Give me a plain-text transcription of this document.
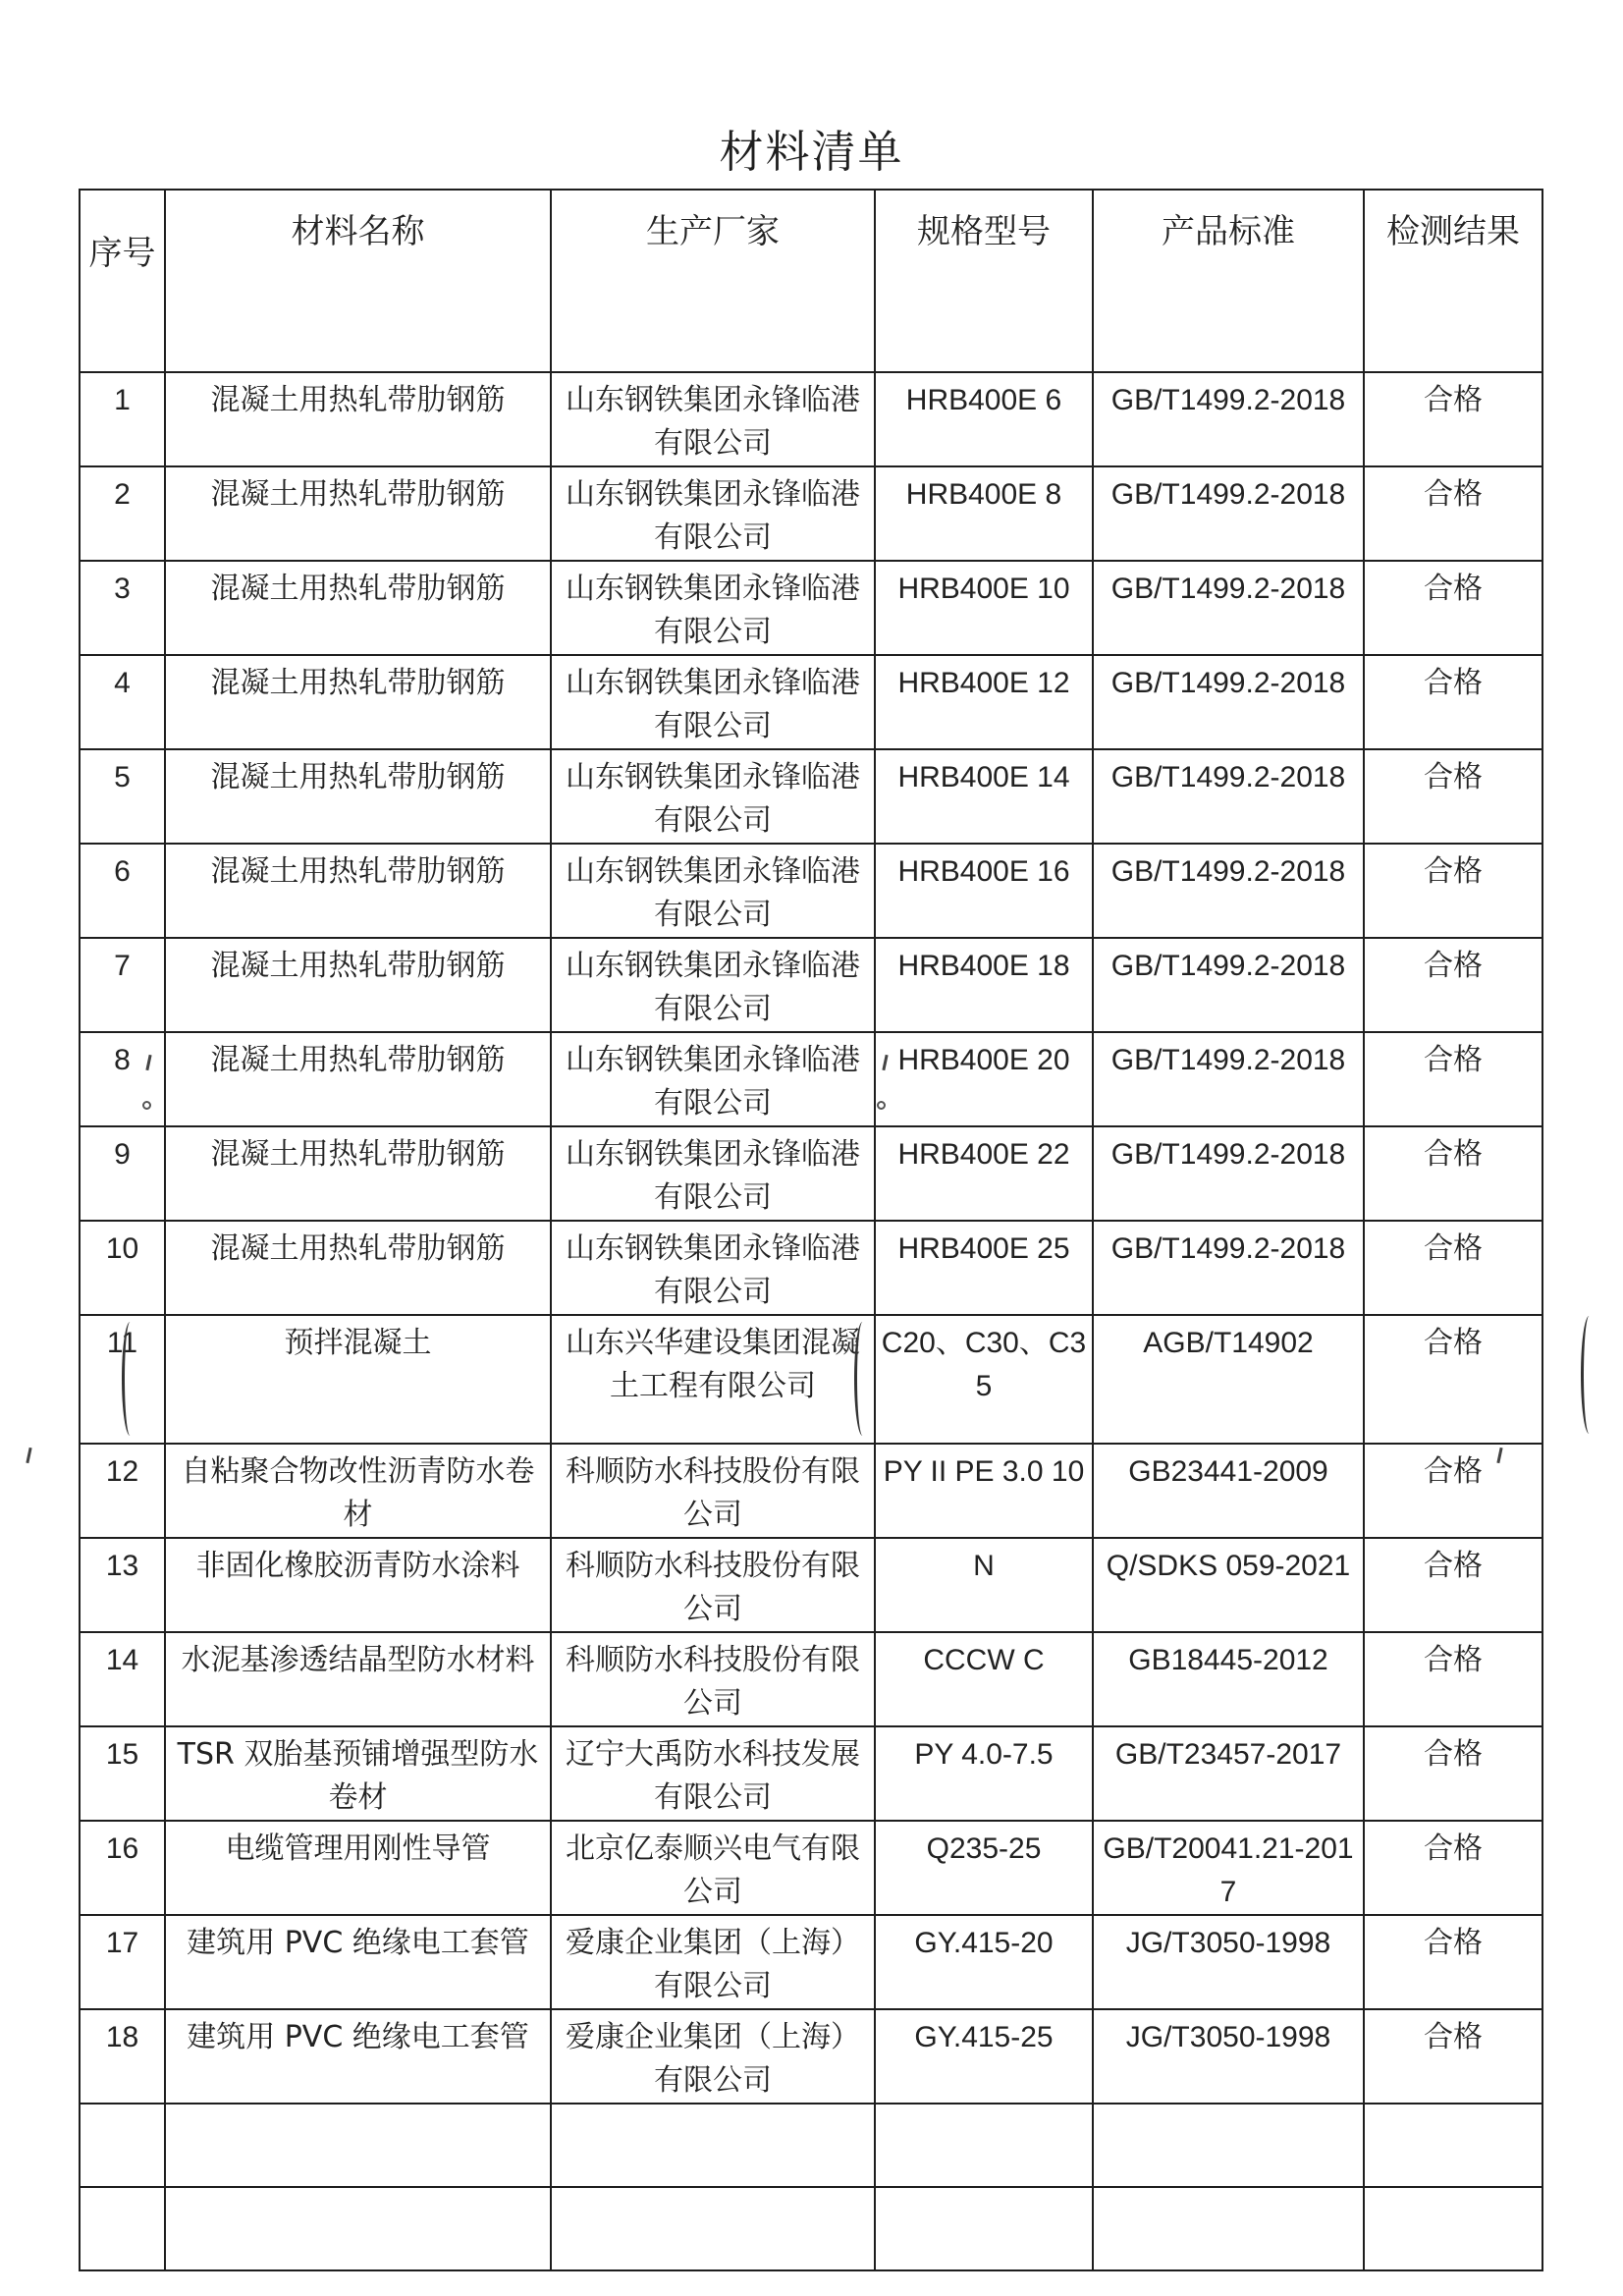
材料清单
序号	材料名称	生产厂家	规格型号	产品标准	检测结果
1	混凝土用热轧带肋钢筋	山东钢铁集团永锋临港有限公司	HRB400E 6	GB/T1499.2-2018	合格
2	混凝土用热轧带肋钢筋	山东钢铁集团永锋临港有限公司	HRB400E 8	GB/T1499.2-2018	合格
3	混凝土用热轧带肋钢筋	山东钢铁集团永锋临港有限公司	HRB400E 10	GB/T1499.2-2018	合格
4	混凝土用热轧带肋钢筋	山东钢铁集团永锋临港有限公司	HRB400E 12	GB/T1499.2-2018	合格
5	混凝土用热轧带肋钢筋	山东钢铁集团永锋临港有限公司	HRB400E 14	GB/T1499.2-2018	合格
6	混凝土用热轧带肋钢筋	山东钢铁集团永锋临港有限公司	HRB400E 16	GB/T1499.2-2018	合格
7	混凝土用热轧带肋钢筋	山东钢铁集团永锋临港有限公司	HRB400E 18	GB/T1499.2-2018	合格
8	混凝土用热轧带肋钢筋	山东钢铁集团永锋临港有限公司	HRB400E 20	GB/T1499.2-2018	合格
9	混凝土用热轧带肋钢筋	山东钢铁集团永锋临港有限公司	HRB400E 22	GB/T1499.2-2018	合格
10	混凝土用热轧带肋钢筋	山东钢铁集团永锋临港有限公司	HRB400E 25	GB/T1499.2-2018	合格
11	预拌混凝土	山东兴华建设集团混凝土工程有限公司	C20、C30、C35	AGB/T14902	合格
12	自粘聚合物改性沥青防水卷材	科顺防水科技股份有限公司	PY II PE 3.0 10	GB23441-2009	合格
13	非固化橡胶沥青防水涂料	科顺防水科技股份有限公司	N	Q/SDKS 059-2021	合格
14	水泥基渗透结晶型防水材料	科顺防水科技股份有限公司	CCCW C	GB18445-2012	合格
15	TSR 双胎基预铺增强型防水卷材	辽宁大禹防水科技发展有限公司	PY 4.0-7.5	GB/T23457-2017	合格
16	电缆管理用刚性导管	北京亿泰顺兴电气有限公司	Q235-25	GB/T20041.21-2017	合格
17	建筑用 PVC 绝缘电工套管	爱康企业集团（上海）有限公司	GY.415-20	JG/T3050-1998	合格
18	建筑用 PVC 绝缘电工套管	爱康企业集团（上海）有限公司	GY.415-25	JG/T3050-1998	合格
